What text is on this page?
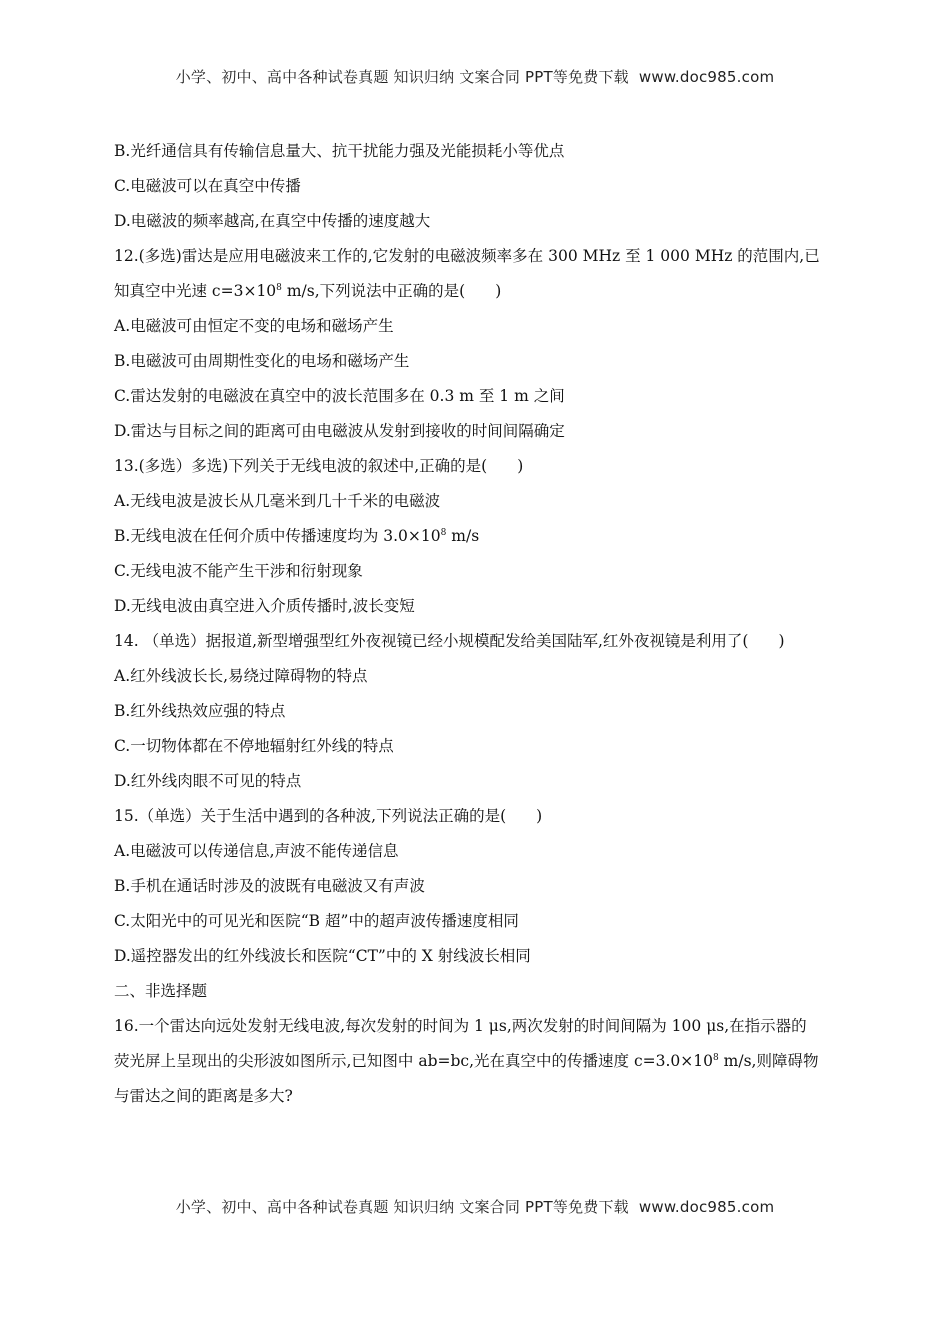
小学、初中、高中各种试卷真题 知识归纳 文案合同 PPT等免费下载 www.doc985.com
B.光纤通信具有传输信息量大、抗干扰能力强及光能损耗小等优点
C.电磁波可以在真空中传播
D.电磁波的频率越高,在真空中传播的速度越大
12.(多选)雷达是应用电磁波来工作的,它发射的电磁波频率多在 300 MHz 至 1 000 MHz 的范围内,已
知真空中光速 $c=3\times 10^8$ m/s,下列说法中正确的是( )
A.电磁波可由恒定不变的电场和磁场产生
B.电磁波可由周期性变化的电场和磁场产生
C.雷达发射的电磁波在真空中的波长范围多在 0.3 m 至 1 m 之间
D.雷达与目标之间的距离可由电磁波从发射到接收的时间间隔确定
13.(多选）多选)下列关于无线电波的叙述中,正确的是( )
A.无线电波是波长从几毫米到几十千米的电磁波
B.无线电波在任何介质中传播速度均为 $3.0\times 10^8$ m/s
C.无线电波不能产生干涉和衍射现象
D.无线电波由真空进入介质传播时,波长变短
14. （单选）据报道,新型增强型红外夜视镜已经小规模配发给美国陆军,红外夜视镜是利用了( )
A.红外线波长长,易绕过障碍物的特点
B.红外线热效应强的特点
C.一切物体都在不停地辐射红外线的特点
D.红外线肉眼不可见的特点
15.（单选）关于生活中遇到的各种波,下列说法正确的是( )
A.电磁波可以传递信息,声波不能传递信息
B.手机在通话时涉及的波既有电磁波又有声波
C.太阳光中的可见光和医院“B 超”中的超声波传播速度相同
D.遥控器发出的红外线波长和医院“CT”中的 X 射线波长相同
二、非选择题
16.一个雷达向远处发射无线电波,每次发射的时间为 1 μs,两次发射的时间间隔为 100 μs,在指示器的
荧光屏上呈现出的尖形波如图所示,已知图中 ab=bc,光在真空中的传播速度 $c=3.0\times 10^8$ m/s,则障碍物
与雷达之间的距离是多大?
小学、初中、高中各种试卷真题 知识归纳 文案合同 PPT等免费下载 www.doc985.com
